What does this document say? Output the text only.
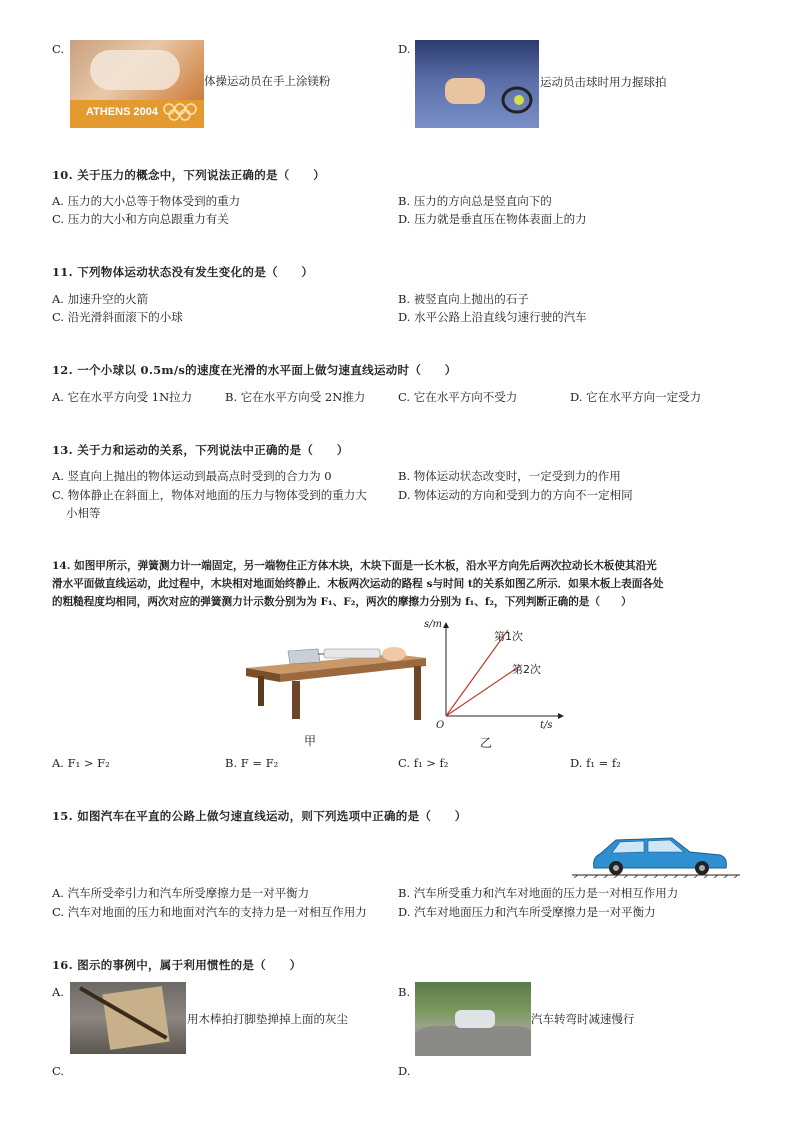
C.
ATHENS 2004
体操运动员在手上涂镁粉
D.
运动员击球时用力握球拍
10. 关于压力的概念中，下列说法正确的是（　　）
A. 压力的大小总等于物体受到的重力	B. 压力的方向总是竖直向下的
C. 压力的大小和方向总跟重力有关	D. 压力就是垂直压在物体表面上的力
11. 下列物体运动状态没有发生变化的是（　　）
A. 加速升空的火箭	B. 被竖直向上抛出的石子
C. 沿光滑斜面滚下的小球	D. 水平公路上沿直线匀速行驶的汽车
12. 一个小球以 0.5m/s的速度在光滑的水平面上做匀速直线运动时（　　）
A. 它在水平方向受 1N拉力	B. 它在水平方向受 2N推力	C. 它在水平方向不受力	D. 它在水平方向一定受力
13. 关于力和运动的关系，下列说法中正确的是（　　）
A. 竖直向上抛出的物体运动到最高点时受到的合力为 0	B. 物体运动状态改变时，一定受到力的作用
C. 物体静止在斜面上，物体对地面的压力与物体受到的重力大
小相等
D. 物体运动的方向和受到力的方向不一定相同
14. 如图甲所示，弹簧测力计一端固定，另一端物住正方体木块，木块下面是一长木板，沿水平方向先后两次拉动长木板使其沿光
滑水平面做直线运动，此过程中，木块相对地面始终静止．木板两次运动的路程 s与时间 t的关系如图乙所示．如果木板上表面各处
的粗糙程度均相同，两次对应的弹簧测力计示数分别为为 F₁、F₂，两次的摩擦力分别为 f₁、f₂，下列判断正确的是（　　）
甲
s/m
t/s
O
第1次
第2次
乙
A. F₁ > F₂	B. F = F₂	C. f₁ > f₂	D. f₁ = f₂
15. 如图汽车在平直的公路上做匀速直线运动，则下列选项中正确的是（　　）
A. 汽车所受牵引力和汽车所受摩擦力是一对平衡力	B. 汽车所受重力和汽车对地面的压力是一对相互作用力
C. 汽车对地面的压力和地面对汽车的支持力是一对相互作用力	D. 汽车对地面压力和汽车所受摩擦力是一对平衡力
16. 图示的事例中，属于利用惯性的是（　　）
A.
用木棒拍打脚垫掸掉上面的灰尘
B.
汽车转弯时减速慢行
C.	D.
